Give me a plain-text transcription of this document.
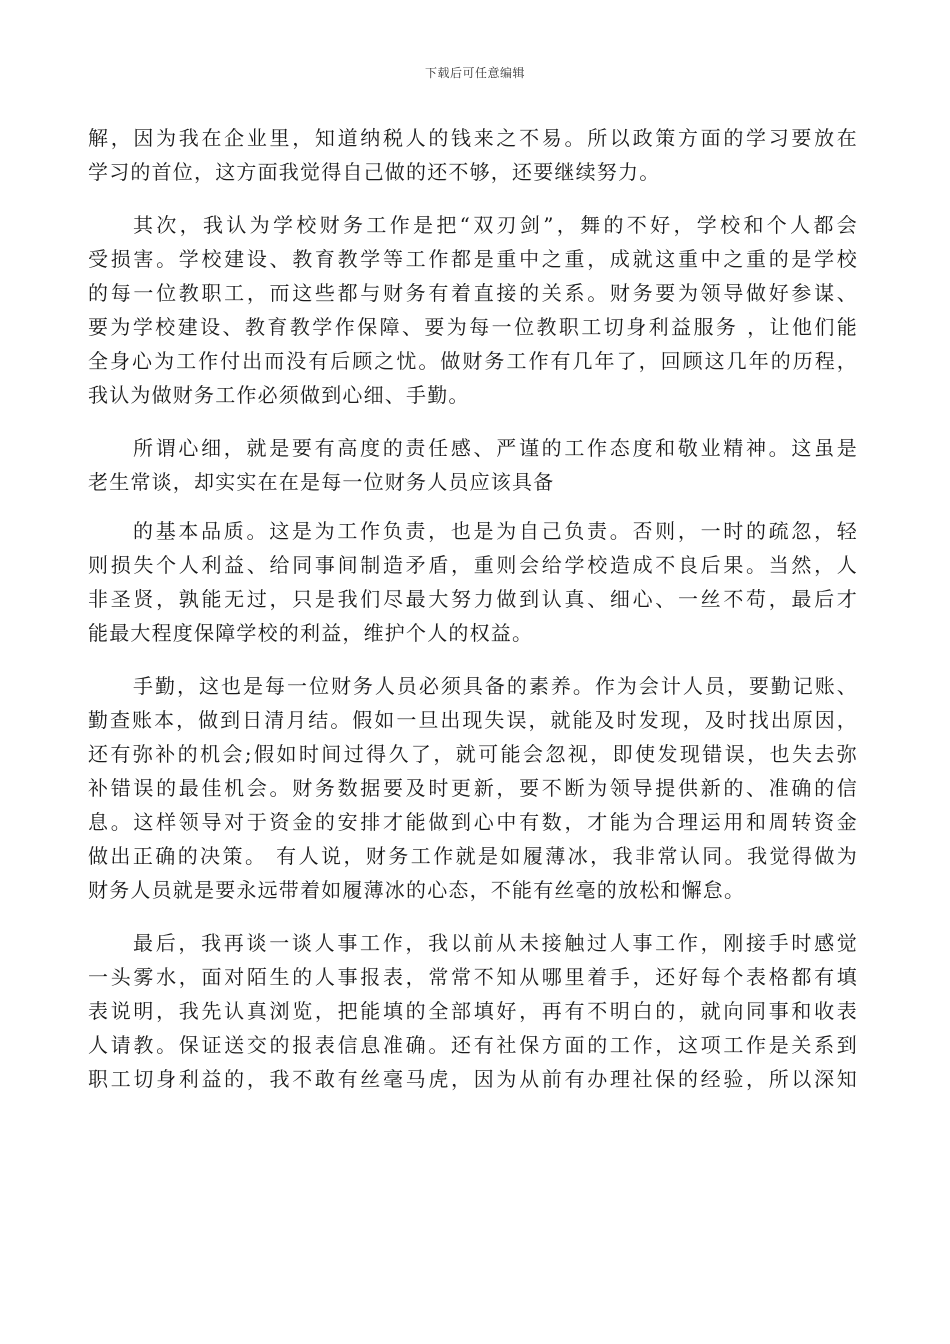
下载后可任意编辑
解，因为我在企业里，知道纳税人的钱来之不易。所以政策方面的学习要放在
学习的首位，这方面我觉得自己做的还不够，还要继续努力。
其次，我认为学校财务工作是把“双刃剑”，舞的不好，学校和个人都会
受损害。学校建设、教育教学等工作都是重中之重，成就这重中之重的是学校
的每一位教职工，而这些都与财务有着直接的关系。财务要为领导做好参谋、
要为学校建设、教育教学作保障、要为每一位教职工切身利益服务 ，让他们能
全身心为工作付出而没有后顾之忧。做财务工作有几年了，回顾这几年的历程，
我认为做财务工作必须做到心细、手勤。
所谓心细，就是要有高度的责任感、严谨的工作态度和敬业精神。这虽是
老生常谈，却实实在在是每一位财务人员应该具备
的基本品质。这是为工作负责，也是为自己负责。否则，一时的疏忽，轻
则损失个人利益、给同事间制造矛盾，重则会给学校造成不良后果。当然，人
非圣贤，孰能无过，只是我们尽最大努力做到认真、细心、一丝不苟，最后才
能最大程度保障学校的利益，维护个人的权益。
手勤，这也是每一位财务人员必须具备的素养。作为会计人员，要勤记账、
勤查账本，做到日清月结。假如一旦出现失误，就能及时发现，及时找出原因，
还有弥补的机会;假如时间过得久了，就可能会忽视，即使发现错误，也失去弥
补错误的最佳机会。财务数据要及时更新，要不断为领导提供新的、准确的信
息。这样领导对于资金的安排才能做到心中有数，才能为合理运用和周转资金
做出正确的决策。 有人说，财务工作就是如履薄冰，我非常认同。我觉得做为
财务人员就是要永远带着如履薄冰的心态，不能有丝毫的放松和懈怠。
最后，我再谈一谈人事工作，我以前从未接触过人事工作，刚接手时感觉
一头雾水，面对陌生的人事报表，常常不知从哪里着手，还好每个表格都有填
表说明，我先认真浏览，把能填的全部填好，再有不明白的，就向同事和收表
人请教。保证送交的报表信息准确。还有社保方面的工作，这项工作是关系到
职工切身利益的，我不敢有丝毫马虎，因为从前有办理社保的经验，所以深知
